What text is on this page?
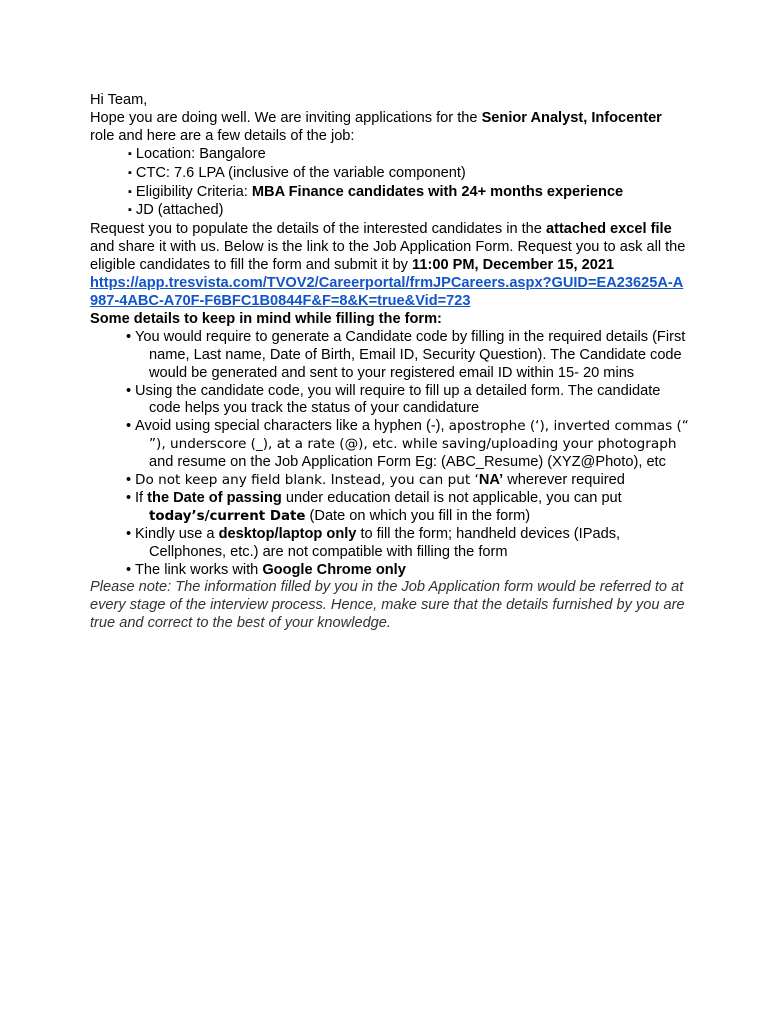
Hi Team,

Hope you are doing well. We are inviting applications for the Senior Analyst, Infocenter role and here are a few details of the job:

▪ Location: Bangalore
▪ CTC: 7.6 LPA (inclusive of the variable component)
▪ Eligibility Criteria: MBA Finance candidates with 24+ months experience
▪ JD (attached)

Request you to populate the details of the interested candidates in the attached excel file and share it with us. Below is the link to the Job Application Form. Request you to ask all the eligible candidates to fill the form and submit it by 11:00 PM, December 15, 2021

https://app.tresvista.com/TVOV2/Careerportal/frmJPCareers.aspx?GUID=EA23625A-A987-4ABC-A70F-F6BFC1B0844F&F=8&K=true&Vid=723

Some details to keep in mind while filling the form:

• You would require to generate a Candidate code by filling in the required details (First name, Last name, Date of Birth, Email ID, Security Question). The Candidate code would be generated and sent to your registered email ID within 15- 20 mins
• Using the candidate code, you will require to fill up a detailed form. The candidate code helps you track the status of your candidature
• Avoid using special characters like a hyphen (-), apostrophe (‘), inverted commas (“ ”), underscore (_), at a rate (@), etc. while saving/uploading your photograph and resume on the Job Application Form Eg: (ABC_Resume) (XYZ@Photo), etc
• Do not keep any field blank. Instead, you can put ‘NA’ wherever required
• If the Date of passing under education detail is not applicable, you can put today’s/current Date (Date on which you fill in the form)
• Kindly use a desktop/laptop only to fill the form; handheld devices (IPads, Cellphones, etc.) are not compatible with filling the form
• The link works with Google Chrome only

Please note: The information filled by you in the Job Application form would be referred to at every stage of the interview process. Hence, make sure that the details furnished by you are true and correct to the best of your knowledge.
